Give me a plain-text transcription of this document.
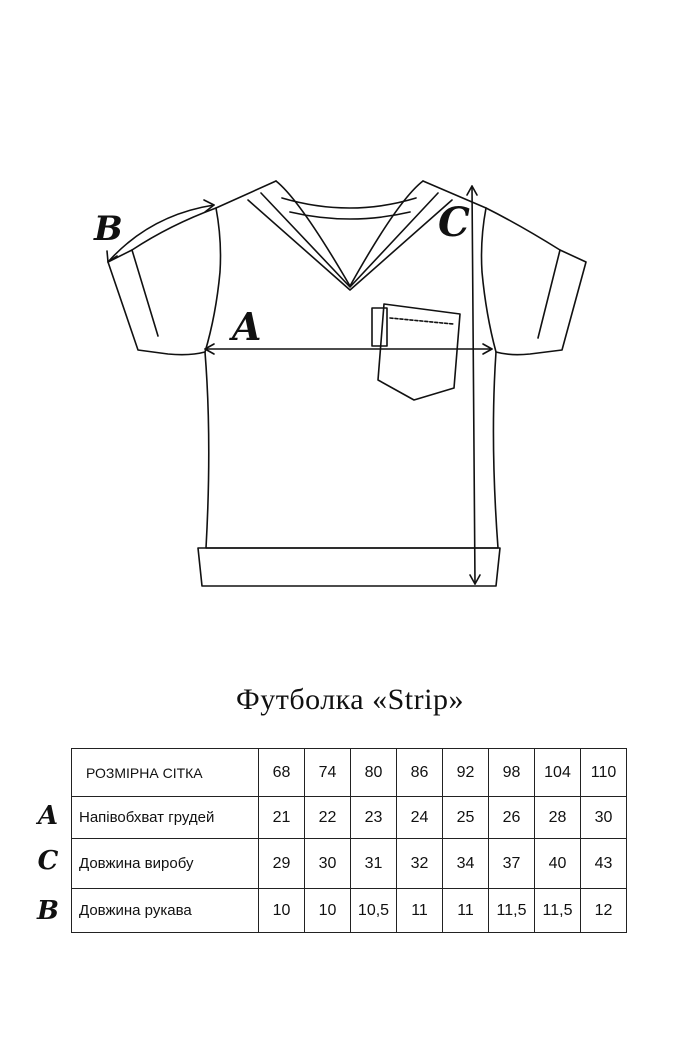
A
B	C
Футболка «Strip»
A
C
B
РОЗМІРНА СІТКА	68	74	80	86	92	98	104	110
Напівобхват грудей	21	22	23	24	25	26	28	30
Довжина виробу	29	30	31	32	34	37	40	43
Довжина рукава	10	10	10,5	11	11	11,5	11,5	12
